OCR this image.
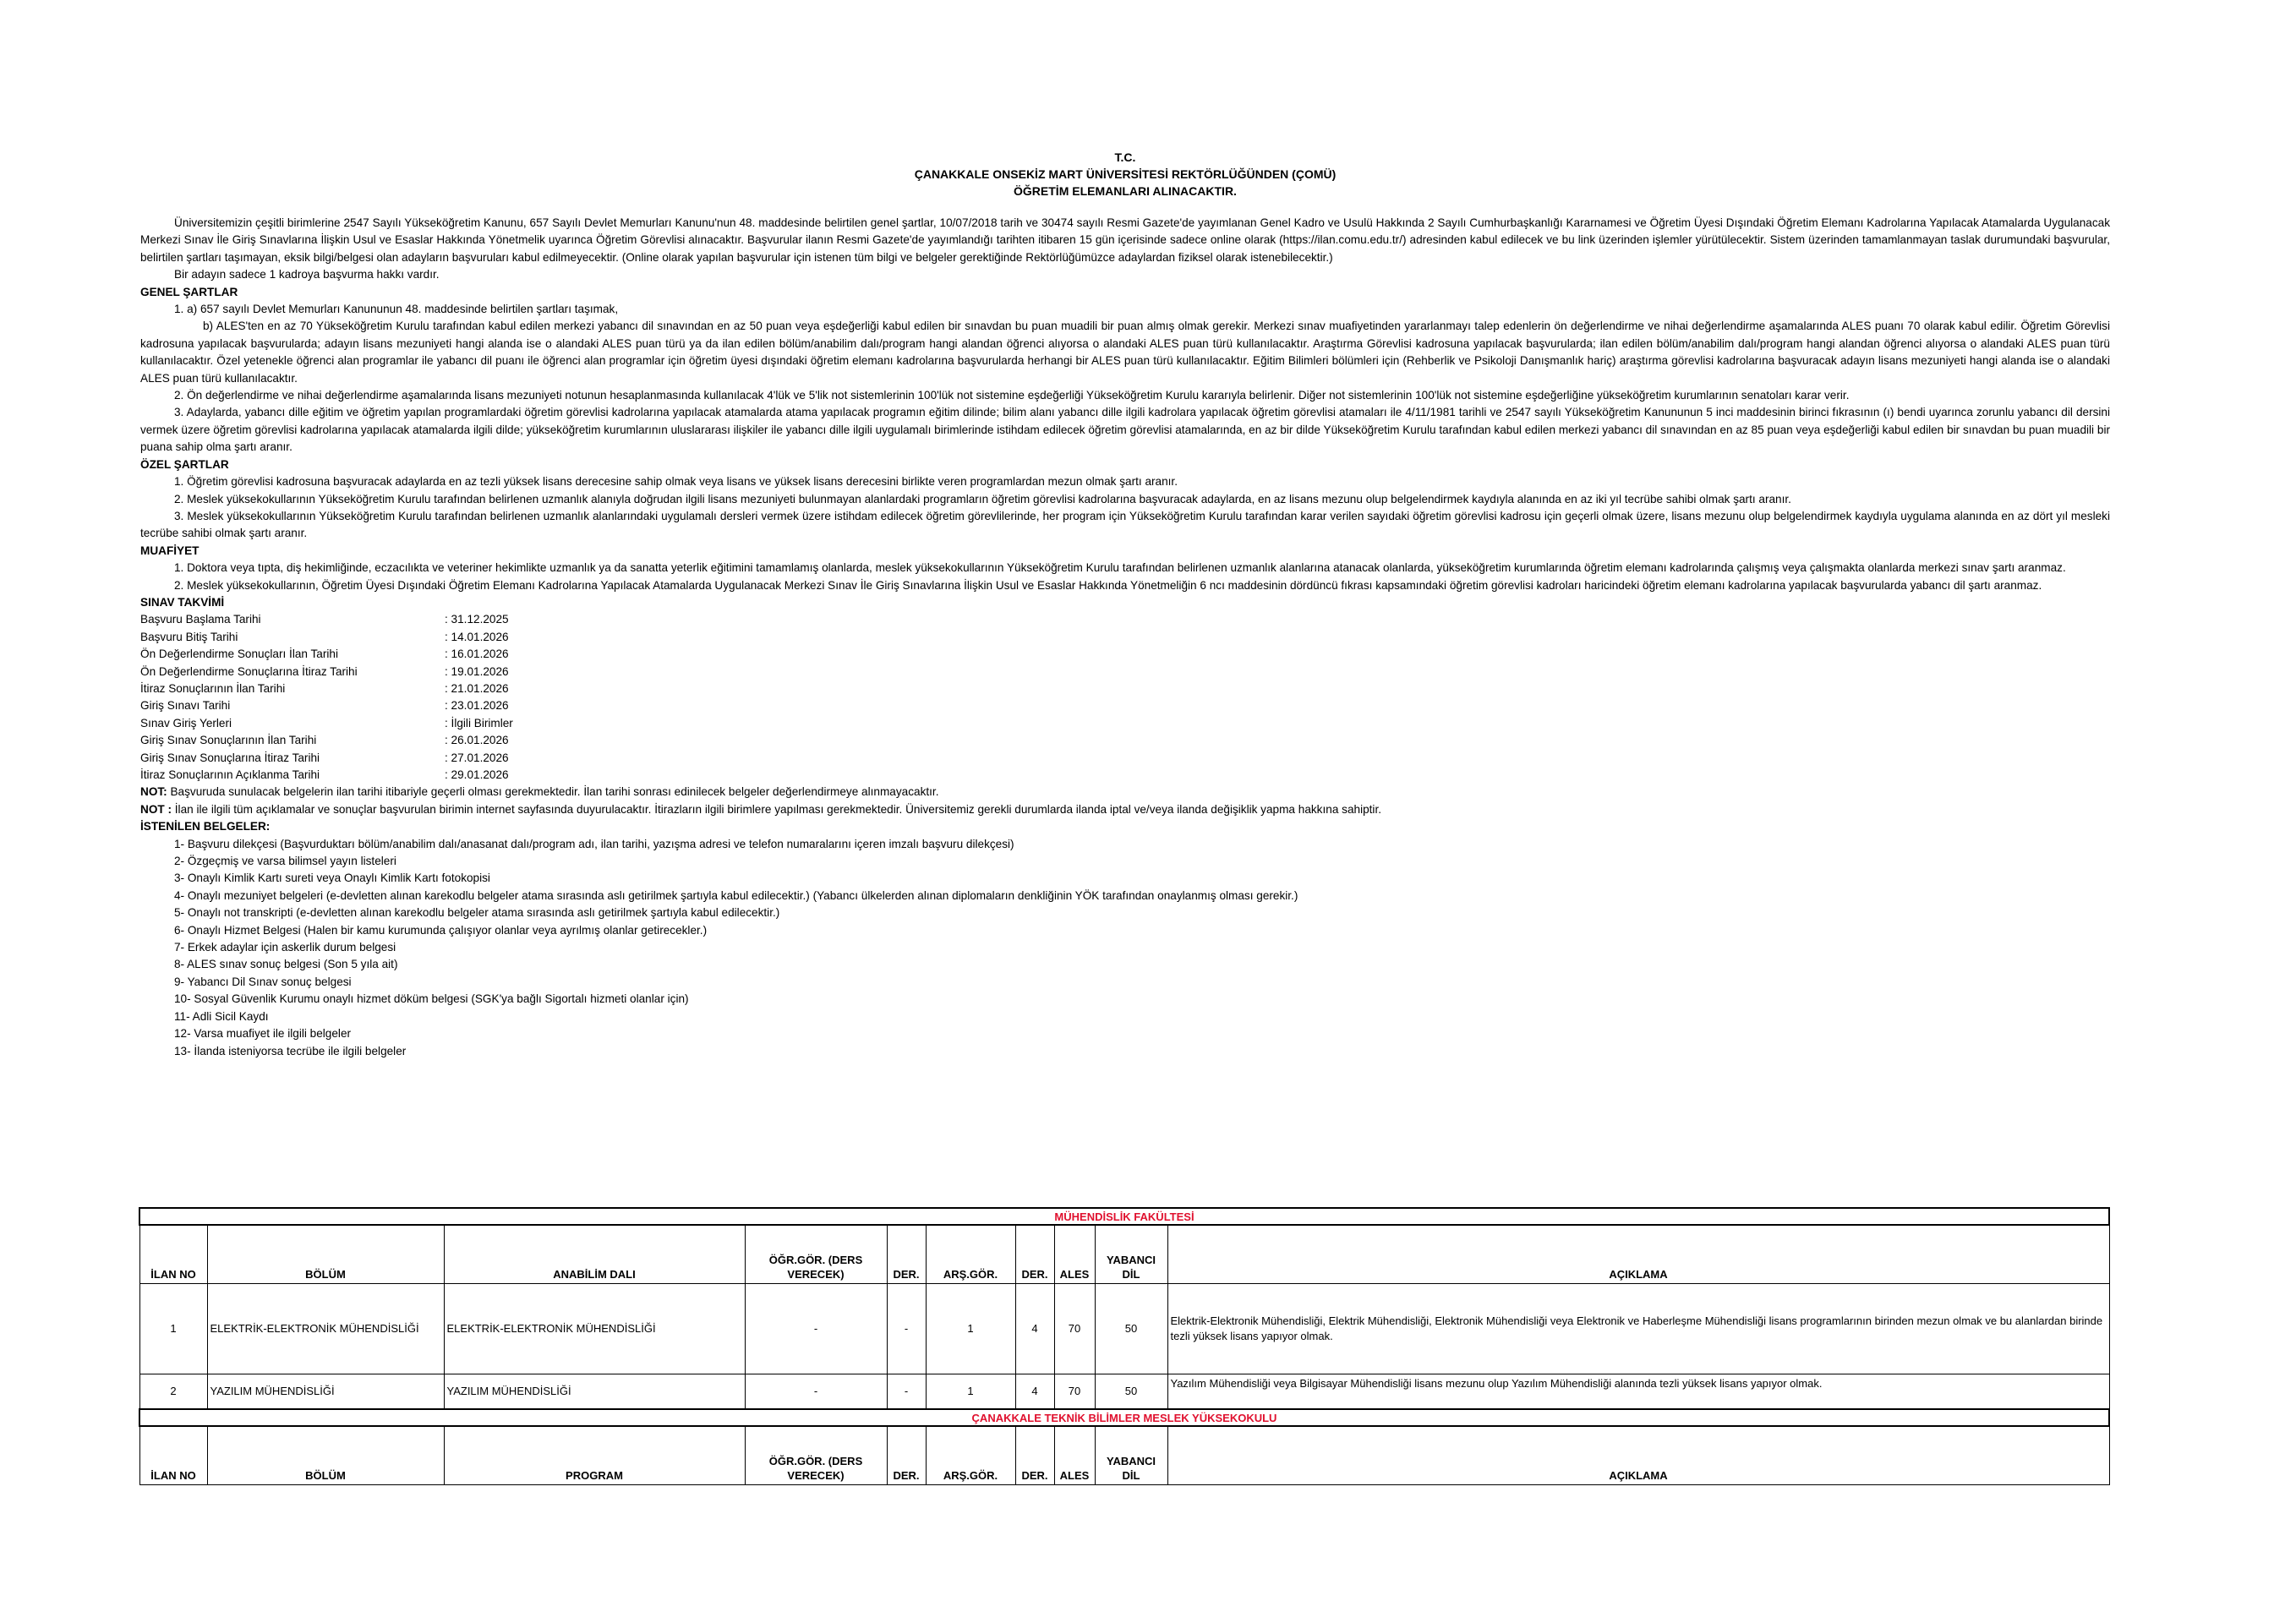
T.C.
ÇANAKKALE ONSEKİZ MART ÜNİVERSİTESİ REKTÖRLÜĞÜNDEN (ÇOMÜ)
ÖĞRETİM ELEMANLARI ALINACAKTIR.
Üniversitemizin çeşitli birimlerine 2547 Sayılı Yükseköğretim Kanunu, 657 Sayılı Devlet Memurları Kanunu'nun 48. maddesinde belirtilen genel şartlar, 10/07/2018 tarih ve 30474 sayılı Resmi Gazete'de yayımlanan Genel Kadro ve Usulü Hakkında 2 Sayılı Cumhurbaşkanlığı Kararnamesi ve Öğretim Üyesi Dışındaki Öğretim Elemanı Kadrolarına Yapılacak Atamalarda Uygulanacak Merkezi Sınav İle Giriş Sınavlarına İlişkin Usul ve Esaslar Hakkında Yönetmelik uyarınca Öğretim Görevlisi alınacaktır. Başvurular ilanın Resmi Gazete'de yayımlandığı tarihten itibaren 15 gün içerisinde sadece online olarak (https://ilan.comu.edu.tr/) adresinden kabul edilecek ve bu link üzerinden işlemler yürütülecektir. Sistem üzerinden tamamlanmayan taslak durumundaki başvurular, belirtilen şartları taşımayan, eksik bilgi/belgesi olan adayların başvuruları kabul edilmeyecektir. (Online olarak yapılan başvurular için istenen tüm bilgi ve belgeler gerektiğinde Rektörlüğümüzce adaylardan fiziksel olarak istenebilecektir.)
Bir adayın sadece 1 kadroya başvurma hakkı vardır.
GENEL ŞARTLAR
1. a) 657 sayılı Devlet Memurları Kanununun 48. maddesinde belirtilen şartları taşımak,
b) ALES'ten en az 70 Yükseköğretim Kurulu tarafından kabul edilen merkezi yabancı dil sınavından en az 50 puan veya eşdeğerliği kabul edilen bir sınavdan bu puan muadili bir puan almış olmak gerekir. Merkezi sınav muafiyetinden yararlanmayı talep edenlerin ön değerlendirme ve nihai değerlendirme aşamalarında ALES puanı 70 olarak kabul edilir. Öğretim Görevlisi kadrosuna yapılacak başvurularda; adayın lisans mezuniyeti hangi alanda ise o alandaki ALES puan türü ya da ilan edilen bölüm/anabilim dalı/program hangi alandan öğrenci alıyorsa o alandaki ALES puan türü kullanılacaktır. Araştırma Görevlisi kadrosuna yapılacak başvurularda; ilan edilen bölüm/anabilim dalı/program hangi alandan öğrenci alıyorsa o alandaki ALES puan türü kullanılacaktır. Özel yetenekle öğrenci alan programlar ile yabancı dil puanı ile öğrenci alan programlar için öğretim üyesi dışındaki öğretim elemanı kadrolarına başvurularda herhangi bir ALES puan türü kullanılacaktır. Eğitim Bilimleri bölümleri için (Rehberlik ve Psikoloji Danışmanlık hariç) araştırma görevlisi kadrolarına başvuracak adayın lisans mezuniyeti hangi alanda ise o alandaki ALES puan türü kullanılacaktır.
2. Ön değerlendirme ve nihai değerlendirme aşamalarında lisans mezuniyeti notunun hesaplanmasında kullanılacak 4'lük ve 5'lik not sistemlerinin 100'lük not sistemine eşdeğerliği Yükseköğretim Kurulu kararıyla belirlenir. Diğer not sistemlerinin 100'lük not sistemine eşdeğerliğine yükseköğretim kurumlarının senatoları karar verir.
3. Adaylarda, yabancı dille eğitim ve öğretim yapılan programlardaki öğretim görevlisi kadrolarına yapılacak atamalarda atama yapılacak programın eğitim dilinde; bilim alanı yabancı dille ilgili kadrolara yapılacak öğretim görevlisi atamaları ile 4/11/1981 tarihli ve 2547 sayılı Yükseköğretim Kanununun 5 inci maddesinin birinci fıkrasının (ı) bendi uyarınca zorunlu yabancı dil dersini vermek üzere öğretim görevlisi kadrolarına yapılacak atamalarda ilgili dilde; yükseköğretim kurumlarının uluslararası ilişkiler ile yabancı dille ilgili uygulamalı birimlerinde istihdam edilecek öğretim görevlisi atamalarında, en az bir dilde Yükseköğretim Kurulu tarafından kabul edilen merkezi yabancı dil sınavından en az 85 puan veya eşdeğerliği kabul edilen bir sınavdan bu puan muadili bir puana sahip olma şartı aranır.
ÖZEL ŞARTLAR
1. Öğretim görevlisi kadrosuna başvuracak adaylarda en az tezli yüksek lisans derecesine sahip olmak veya lisans ve yüksek lisans derecesini birlikte veren programlardan mezun olmak şartı aranır.
2. Meslek yüksekokullarının Yükseköğretim Kurulu tarafından belirlenen uzmanlık alanıyla doğrudan ilgili lisans mezuniyeti bulunmayan alanlardaki programların öğretim görevlisi kadrolarına başvuracak adaylarda, en az lisans mezunu olup belgelendirmek kaydıyla alanında en az iki yıl tecrübe sahibi olmak şartı aranır.
3. Meslek yüksekokullarının Yükseköğretim Kurulu tarafından belirlenen uzmanlık alanlarındaki uygulamalı dersleri vermek üzere istihdam edilecek öğretim görevlilerinde, her program için Yükseköğretim Kurulu tarafından karar verilen sayıdaki öğretim görevlisi kadrosu için geçerli olmak üzere, lisans mezunu olup belgelendirmek kaydıyla uygulama alanında en az dört yıl mesleki tecrübe sahibi olmak şartı aranır.
MUAFİYET
1. Doktora veya tıpta, diş hekimliğinde, eczacılıkta ve veteriner hekimlikte uzmanlık ya da sanatta yeterlik eğitimini tamamlamış olanlarda, meslek yüksekokullarının Yükseköğretim Kurulu tarafından belirlenen uzmanlık alanlarına atanacak olanlarda, yükseköğretim kurumlarında öğretim elemanı kadrolarında çalışmış veya çalışmakta olanlarda merkezi sınav şartı aranmaz.
2. Meslek yüksekokullarının, Öğretim Üyesi Dışındaki Öğretim Elemanı Kadrolarına Yapılacak Atamalarda Uygulanacak Merkezi Sınav İle Giriş Sınavlarına İlişkin Usul ve Esaslar Hakkında Yönetmeliğin 6 ncı maddesinin dördüncü fıkrası kapsamındaki öğretim görevlisi kadroları haricindeki öğretim elemanı kadrolarına yapılacak başvurularda yabancı dil şartı aranmaz.
SINAV TAKVİMİ
Başvuru Başlama Tarihi	: 31.12.2025
Başvuru Bitiş Tarihi	: 14.01.2026
Ön Değerlendirme Sonuçları İlan Tarihi	: 16.01.2026
Ön Değerlendirme Sonuçlarına İtiraz Tarihi	: 19.01.2026
İtiraz Sonuçlarının İlan Tarihi	: 21.01.2026
Giriş Sınavı Tarihi	: 23.01.2026
Sınav Giriş Yerleri	: İlgili Birimler
Giriş Sınav Sonuçlarının İlan Tarihi	: 26.01.2026
Giriş Sınav Sonuçlarına İtiraz Tarihi	: 27.01.2026
İtiraz Sonuçlarının Açıklanma Tarihi	: 29.01.2026
NOT: Başvuruda sunulacak belgelerin ilan tarihi itibariyle geçerli olması gerekmektedir. İlan tarihi sonrası edinilecek belgeler değerlendirmeye alınmayacaktır.
NOT : İlan ile ilgili tüm açıklamalar ve sonuçlar başvurulan birimin internet sayfasında duyurulacaktır. İtirazların ilgili birimlere yapılması gerekmektedir. Üniversitemiz gerekli durumlarda ilanda iptal ve/veya ilanda değişiklik yapma hakkına sahiptir.
İSTENİLEN BELGELER:
1- Başvuru dilekçesi (Başvurduktarı bölüm/anabilim dalı/anasanat dalı/program adı, ilan tarihi, yazışma adresi ve telefon numaralarını içeren imzalı başvuru dilekçesi)
2- Özgeçmiş ve varsa bilimsel yayın listeleri
3- Onaylı Kimlik Kartı sureti veya Onaylı Kimlik Kartı fotokopisi
4- Onaylı mezuniyet belgeleri (e-devletten alınan karekodlu belgeler atama sırasında aslı getirilmek şartıyla kabul edilecektir.) (Yabancı ülkelerden alınan diplomaların denkliğinin YÖK tarafından onaylanmış olması gerekir.)
5- Onaylı not transkripti (e-devletten alınan karekodlu belgeler atama sırasında aslı getirilmek şartıyla kabul edilecektir.)
6- Onaylı Hizmet Belgesi (Halen bir kamu kurumunda çalışıyor olanlar veya ayrılmış olanlar getirecekler.)
7- Erkek adaylar için askerlik durum belgesi
8- ALES sınav sonuç belgesi (Son 5 yıla ait)
9- Yabancı Dil Sınav sonuç belgesi
10- Sosyal Güvenlik Kurumu onaylı hizmet döküm belgesi (SGK'ya bağlı Sigortalı hizmeti olanlar için)
11- Adli Sicil Kaydı
12- Varsa muafiyet ile ilgili belgeler
13- İlanda isteniyorsa tecrübe ile ilgili belgeler
MÜHENDİSLİK FAKÜLTESİ									
İLAN NO	BÖLÜM	ANABİLİM DALI	ÖĞR.GÖR. (DERS VERECEK)	DER.	ARŞ.GÖR.	DER.	ALES	YABANCI DİL	AÇIKLAMA
1	ELEKTRİK-ELEKTRONİK MÜHENDİSLİĞİ	ELEKTRİK-ELEKTRONİK MÜHENDİSLİĞİ	-	-	1	4	70	50	Elektrik-Elektronik Mühendisliği, Elektrik Mühendisliği, Elektronik Mühendisliği veya Elektronik ve Haberleşme Mühendisliği lisans programlarının birinden mezun olmak ve bu alanlardan birinde tezli yüksek lisans yapıyor olmak.
2	YAZILIM MÜHENDİSLİĞİ	YAZILIM MÜHENDİSLİĞİ	-	-	1	4	70	50	Yazılım Mühendisliği veya Bilgisayar Mühendisliği lisans mezunu olup Yazılım Mühendisliği alanında tezli yüksek lisans yapıyor olmak.
ÇANAKKALE TEKNİK BİLİMLER MESLEK YÜKSEKOKULU									
İLAN NO	BÖLÜM	PROGRAM	ÖĞR.GÖR. (DERS VERECEK)	DER.	ARŞ.GÖR.	DER.	ALES	YABANCI DİL	AÇIKLAMA
